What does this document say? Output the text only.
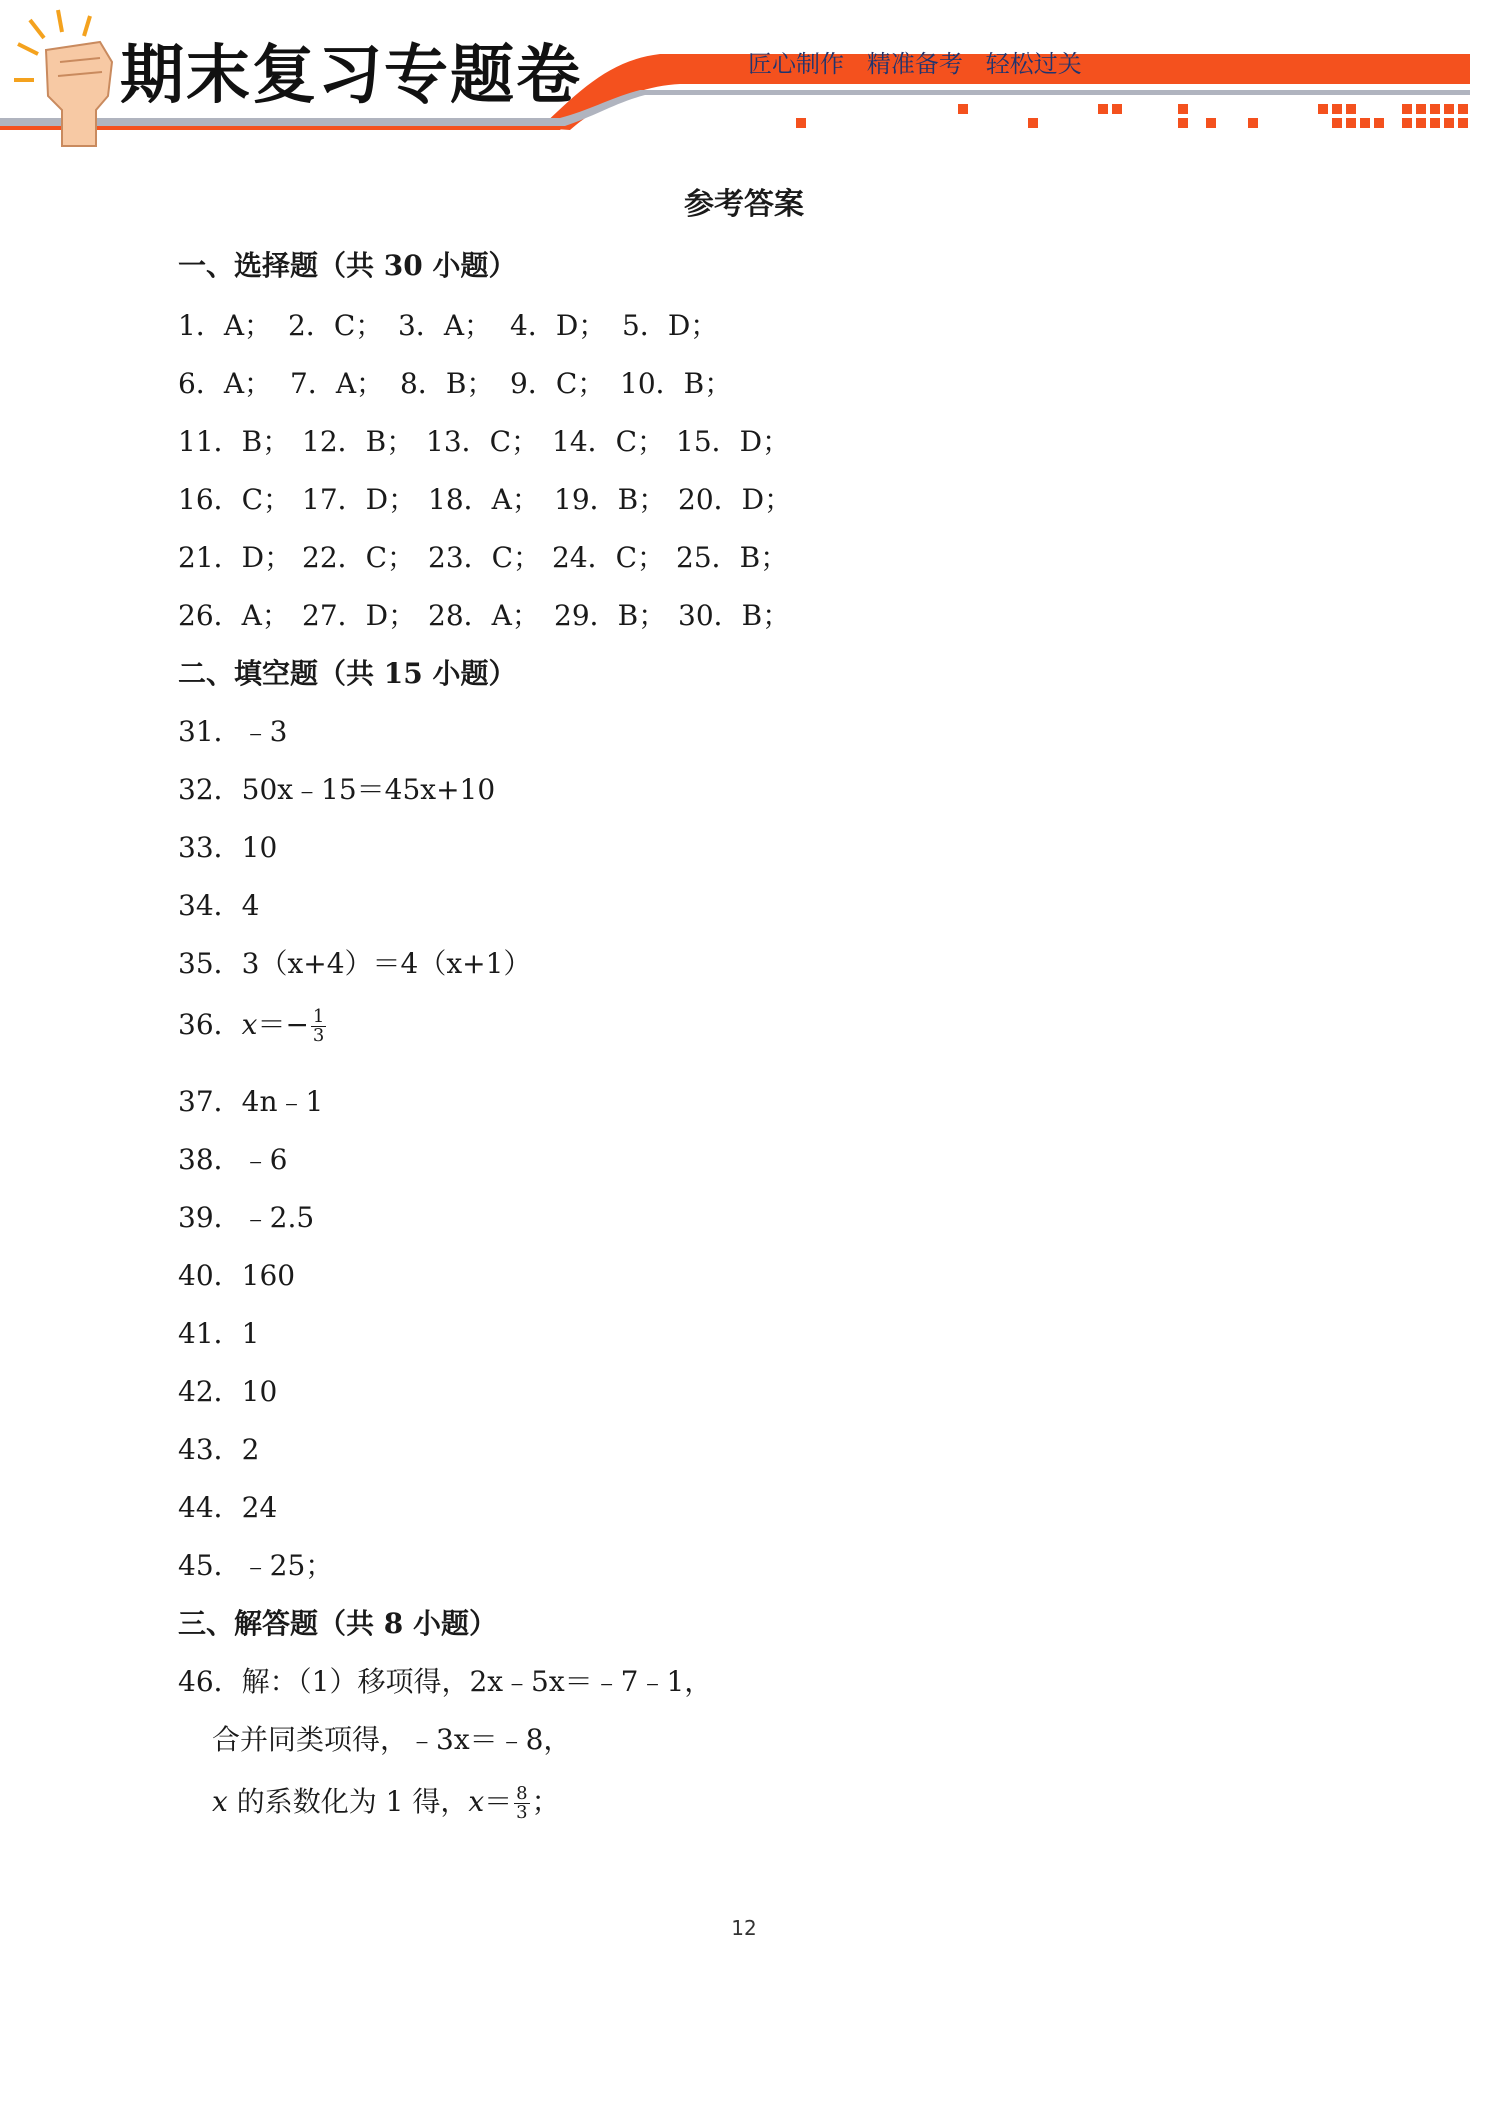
期末复习专题卷	匠心制作   精准备考   轻松过关
参考答案
一、选择题（共 30 小题）
1．A； 2．C； 3．A； 4．D； 5．D；
6．A； 7．A； 8．B； 9．C； 10．B；
11．B； 12．B； 13．C； 14．C； 15．D；
16．C； 17．D； 18．A； 19．B； 20．D；
21．D； 22．C； 23．C； 24．C； 25．B；
26．A； 27．D； 28．A； 29．B； 30．B；
二、填空题（共 15 小题）
31．﹣3
32．50x﹣15＝45x+10
33．10
34．4
35．3（x+4）＝4（x+1）
36．$x=- \frac{1}{3}$
37．4n﹣1
38．﹣6
39．﹣2.5
40．160
41．1
42．10
43．2
44．24
45．﹣25；
三、解答题（共 8 小题）
46．解：（1）移项得，2x﹣5x＝﹣7﹣1，
合并同类项得，﹣3x＝﹣8，
x 的系数化为 1 得，$x= \frac{8}{3}$ ；
12
